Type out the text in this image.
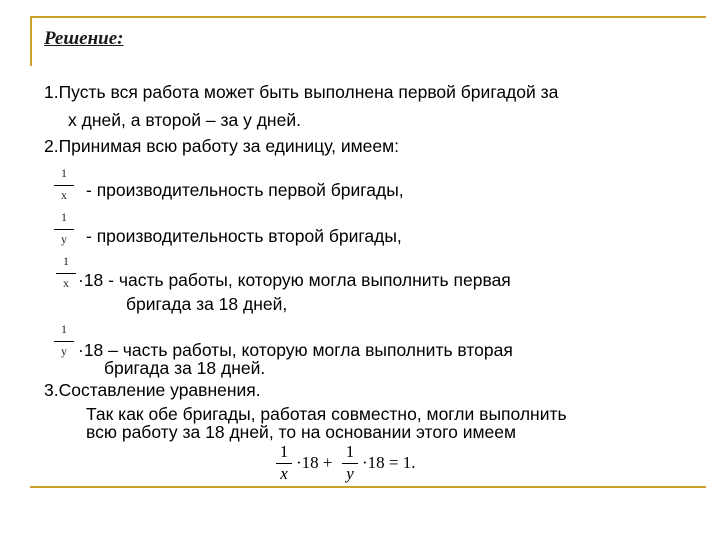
Решение:
1.Пусть вся работа может быть выполнена первой бригадой за
х дней, а второй – за у дней.
2.Принимая всю работу за единицу, имеем:
1
x	- производительность первой бригады,
1
y	- производительность второй бригады,
1
x ·18 - часть работы, которую могла выполнить первая
бригада за 18 дней,
1
y ·18 – часть работы, которую могла выполнить вторая
бригада за 18 дней.
3.Составление уравнения.
Так как обе бригады, работая совместно, могли выполнить
всю работу за 18 дней, то на основании этого имеем
1
x
·18 +
1
y
·18 = 1.
